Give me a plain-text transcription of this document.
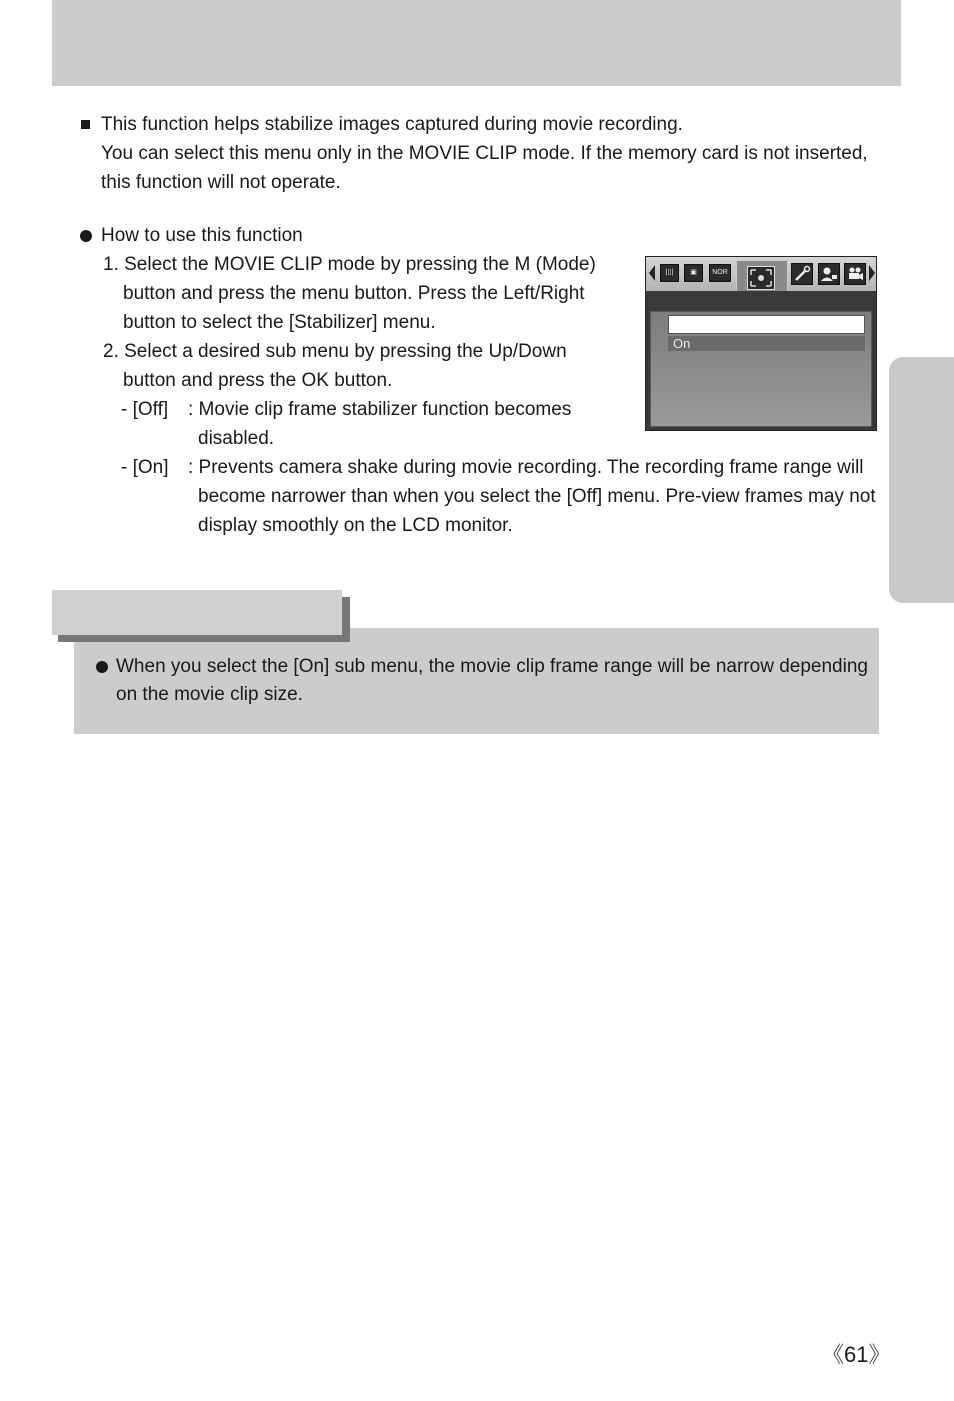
This function helps stabilize images captured during movie recording.
You can select this menu only in the MOVIE CLIP mode. If the memory card is not inserted,
this function will not operate.
How to use this function
1. Select the MOVIE CLIP mode by pressing the M (Mode)
button and press the menu button. Press the Left/Right
button to select the [Stabilizer] menu.
2. Select a desired sub menu by pressing the Up/Down
button and press the OK button.
- [Off] : Movie clip frame stabilizer function becomes
disabled.
- [On] : Prevents camera shake during movie recording. The recording frame range will
become narrower than when you select the [Off] menu. Pre-view frames may not
display smoothly on the LCD monitor.
|▯|	▣	NOR
On
When you select the [On] sub menu, the movie clip frame range will be narrow depending
on the movie clip size.
《61》
